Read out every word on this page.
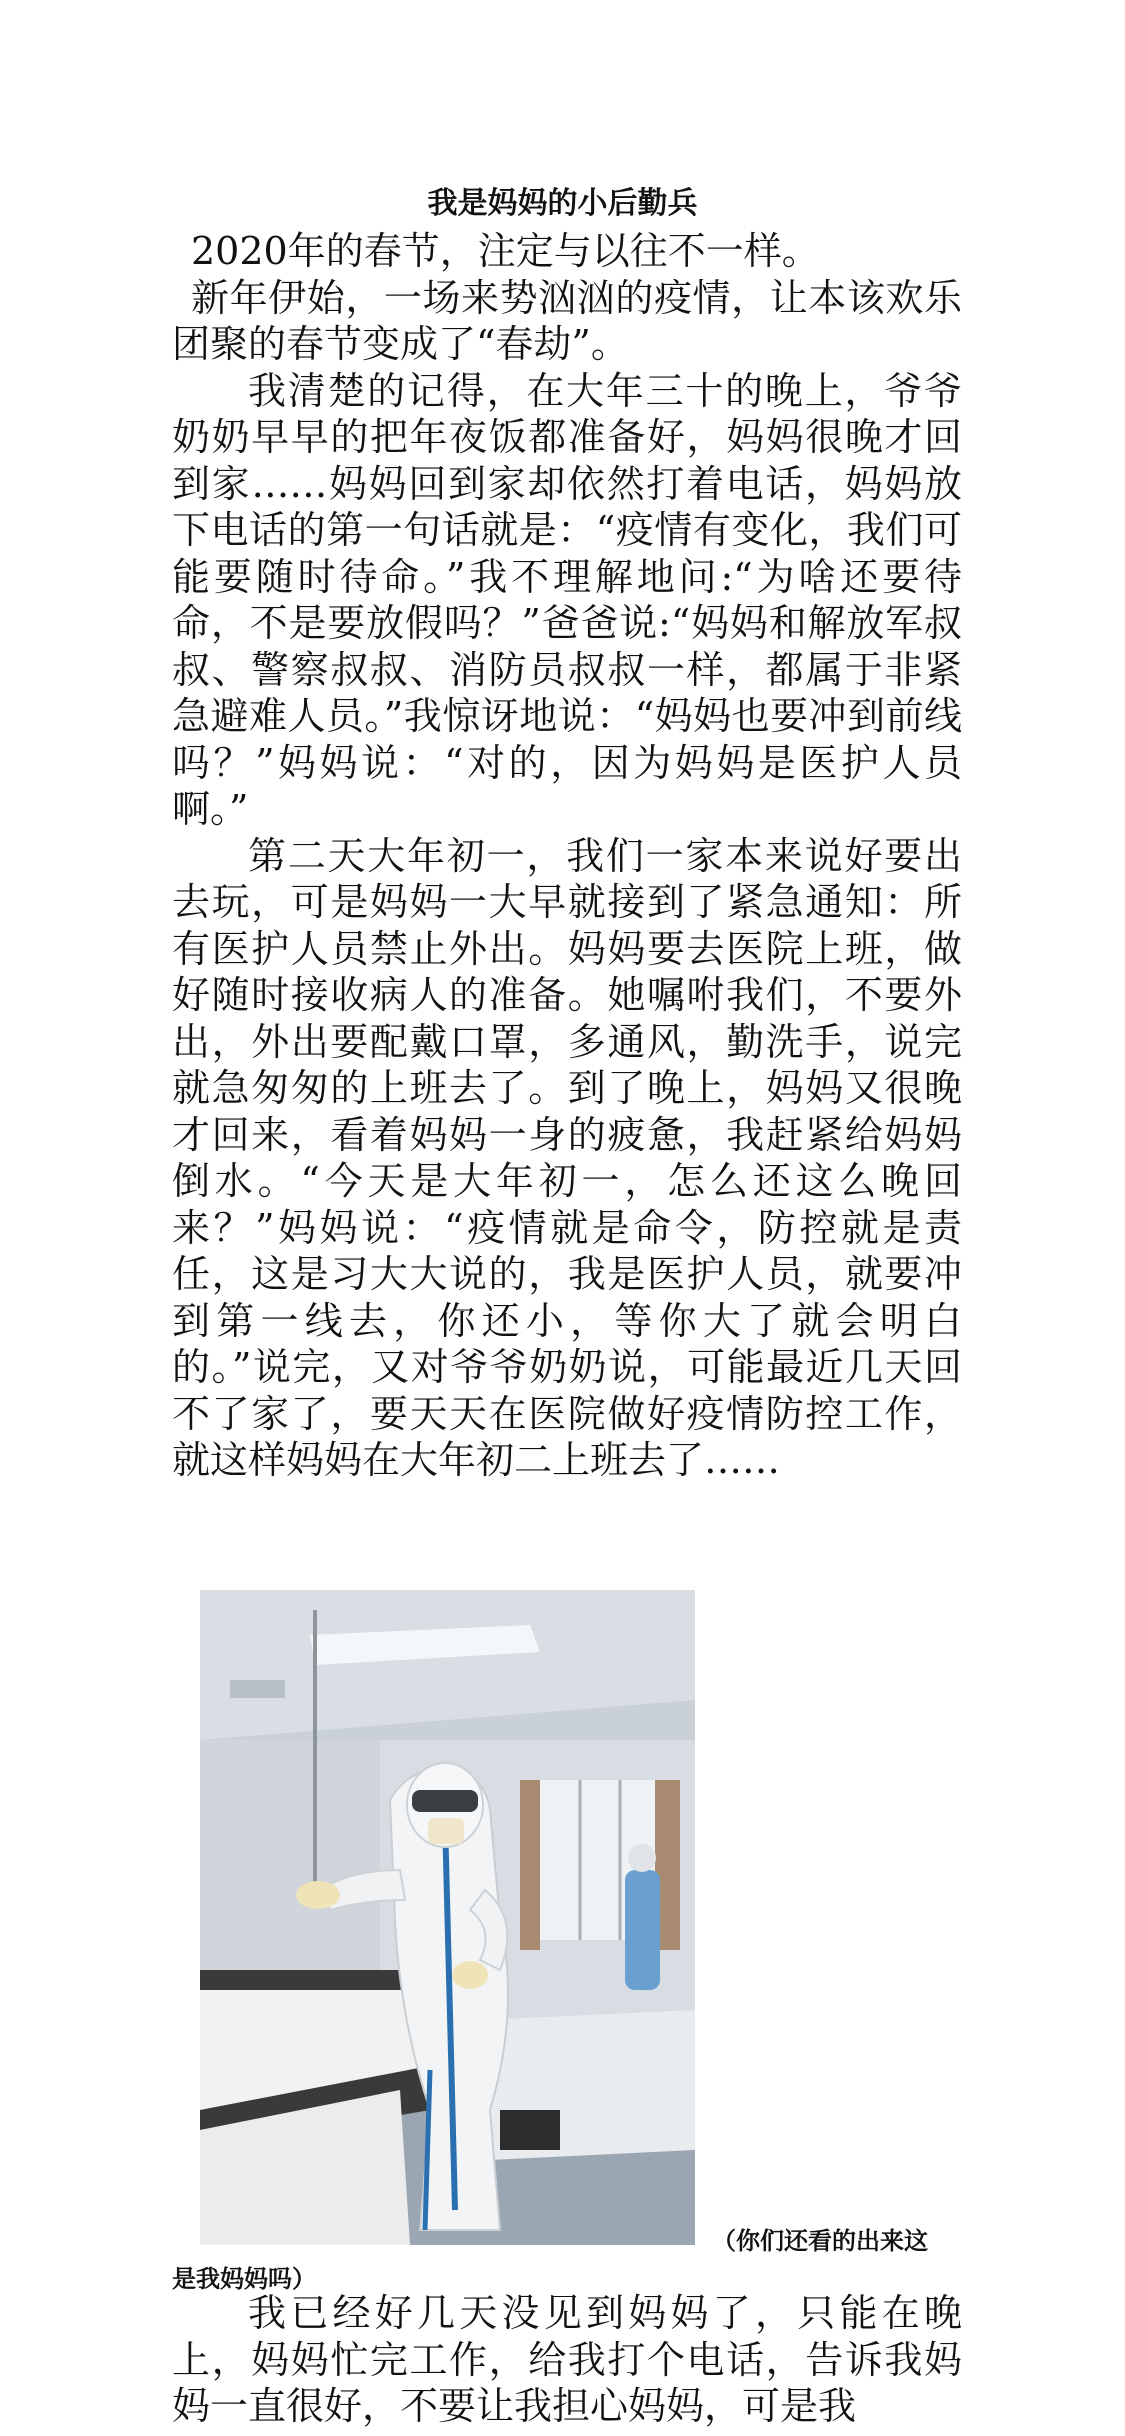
我是妈妈的小后勤兵

2020年的春节，注定与以往不一样。

新年伊始，一场来势汹汹的疫情，让本该欢乐团聚的春节变成了“春劫”。

我清楚的记得，在大年三十的晚上，爷爷奶奶早早的把年夜饭都准备好，妈妈很晚才回到家……妈妈回到家却依然打着电话，妈妈放下电话的第一句话就是：“疫情有变化，我们可能要随时待命。”我不理解地问:“为啥还要待命，不是要放假吗？”爸爸说:“妈妈和解放军叔叔、警察叔叔、消防员叔叔一样，都属于非紧急避难人员。”我惊讶地说：“妈妈也要冲到前线吗？”妈妈说：“对的，因为妈妈是医护人员啊。”

第二天大年初一，我们一家本来说好要出去玩，可是妈妈一大早就接到了紧急通知：所有医护人员禁止外出。妈妈要去医院上班，做好随时接收病人的准备。她嘱咐我们，不要外出，外出要配戴口罩，多通风，勤洗手，说完就急匆匆的上班去了。到了晚上，妈妈又很晚才回来，看着妈妈一身的疲惫，我赶紧给妈妈倒水。“今天是大年初一，怎么还这么晚回来？”妈妈说：“疫情就是命令，防控就是责任，这是习大大说的，我是医护人员，就要冲到第一线去，你还小，等你大了就会明白的。”说完，又对爷爷奶奶说，可能最近几天回不了家了，要天天在医院做好疫情防控工作，就这样妈妈在大年初二上班去了……

（你们还看的出来这
是我妈妈吗）

我已经好几天没见到妈妈了，只能在晚上，妈妈忙完工作，给我打个电话，告诉我妈妈一直很好，不要让我担心妈妈，可是我
